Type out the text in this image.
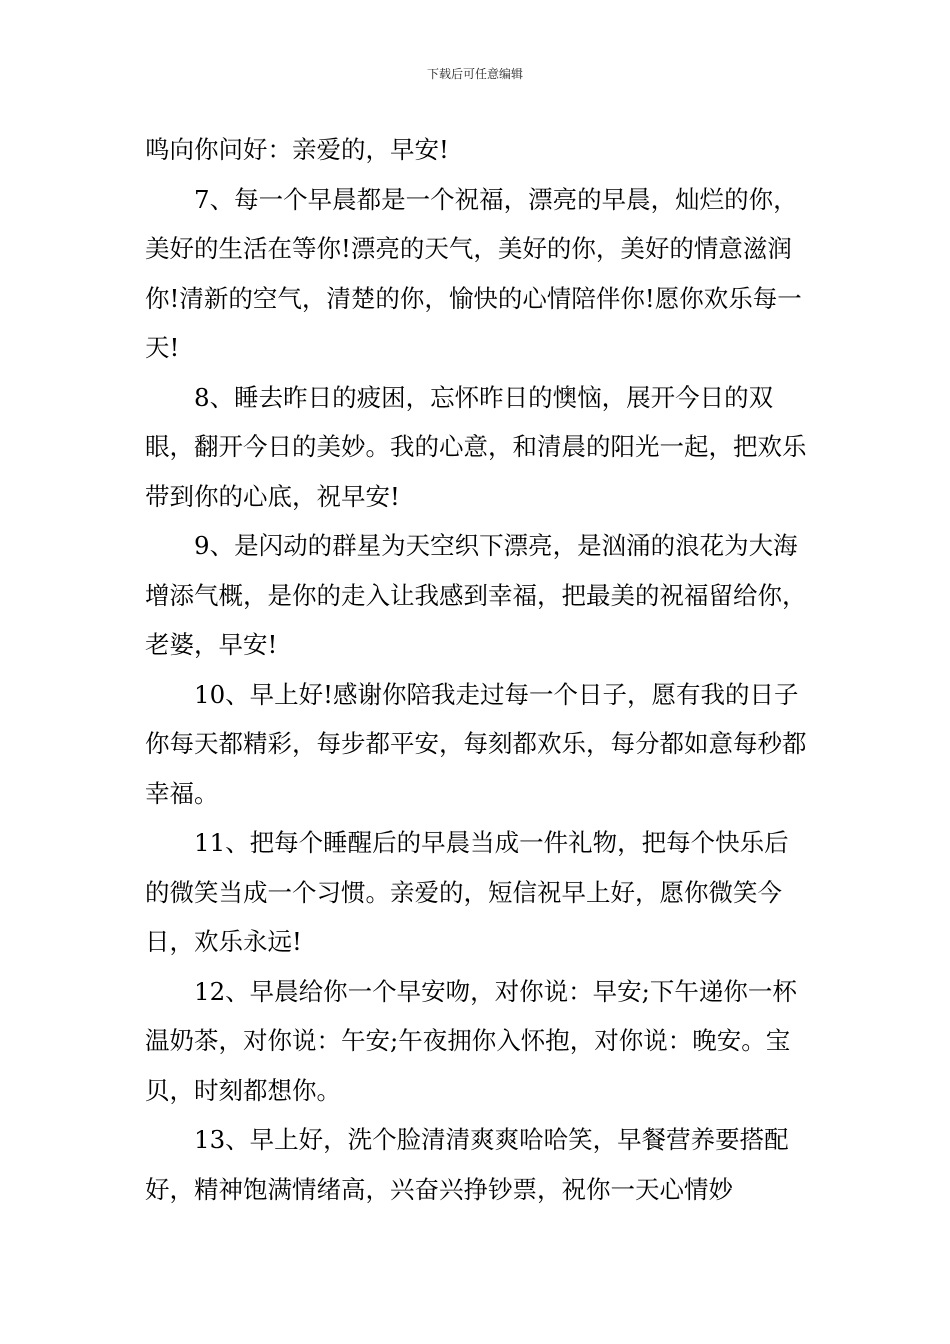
下载后可任意编辑

鸣向你问好：亲爱的，早安!

7、每一个早晨都是一个祝福，漂亮的早晨，灿烂的你，美好的生活在等你!漂亮的天气，美好的你，美好的情意滋润你!清新的空气，清楚的你，愉快的心情陪伴你!愿你欢乐每一天!

8、睡去昨日的疲困，忘怀昨日的懊恼，展开今日的双眼，翻开今日的美妙。我的心意，和清晨的阳光一起，把欢乐带到你的心底，祝早安!

9、是闪动的群星为天空织下漂亮，是汹涌的浪花为大海增添气概，是你的走入让我感到幸福，把最美的祝福留给你，老婆，早安!

10、早上好!感谢你陪我走过每一个日子，愿有我的日子你每天都精彩，每步都平安，每刻都欢乐，每分都如意每秒都幸福。

11、把每个睡醒后的早晨当成一件礼物，把每个快乐后的微笑当成一个习惯。亲爱的，短信祝早上好，愿你微笑今日，欢乐永远!

12、早晨给你一个早安吻，对你说：早安;下午递你一杯温奶茶，对你说：午安;午夜拥你入怀抱，对你说：晚安。宝贝，时刻都想你。

13、早上好，洗个脸清清爽爽哈哈笑，早餐营养要搭配好，精神饱满情绪高，兴奋兴挣钞票，祝你一天心情妙
